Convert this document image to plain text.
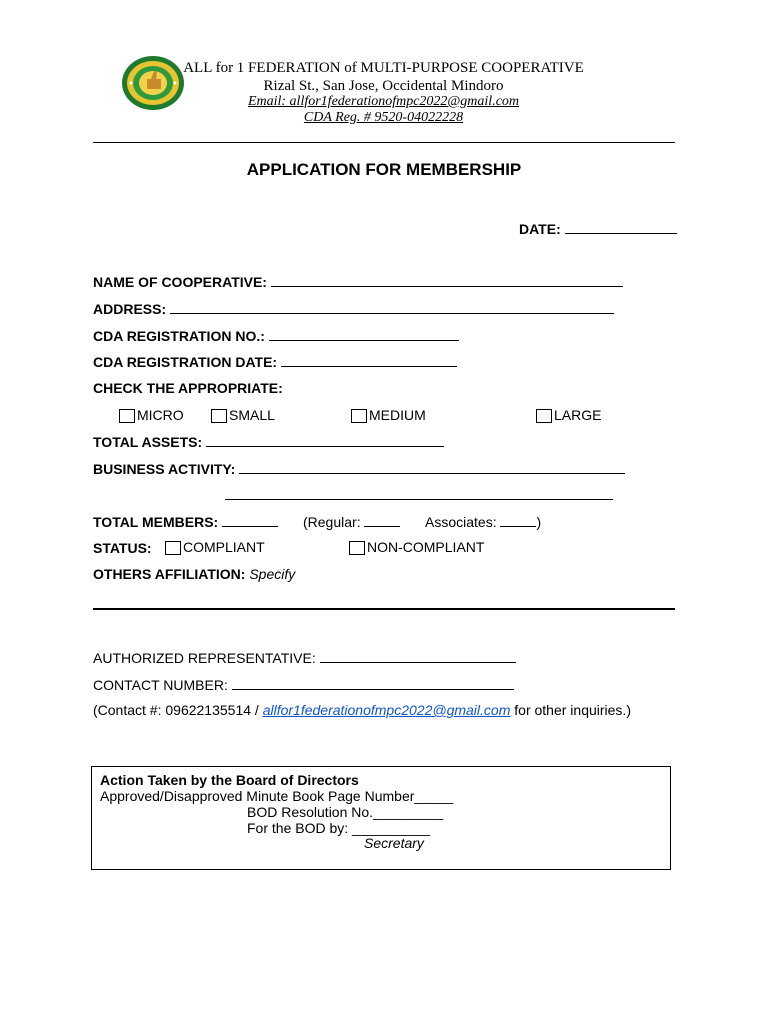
ALL for 1 FEDERATION of MULTI-PURPOSE COOPERATIVE
Rizal St., San Jose, Occidental Mindoro
Email: allfor1federationofmpc2022@gmail.com
CDA Reg. # 9520-04022228
APPLICATION FOR MEMBERSHIP
DATE:
NAME OF COOPERATIVE:
ADDRESS:
CDA REGISTRATION NO.:
CDA REGISTRATION DATE:
CHECK THE APPROPRIATE:
MICRO	SMALL	MEDIUM	LARGE
TOTAL ASSETS:
BUSINESS ACTIVITY:
TOTAL MEMBERS:	(Regular:	Associates:	)
STATUS:	COMPLIANT	NON-COMPLIANT
OTHERS AFFILIATION: Specify
AUTHORIZED REPRESENTATIVE:
CONTACT NUMBER:
(Contact #: 09622135514 / allfor1federationofmpc2022@gmail.com for other inquiries.)
Action Taken by the Board of Directors
Approved/Disapproved Minute Book Page Number_____
BOD Resolution No._________
For the BOD by: __________
Secretary
